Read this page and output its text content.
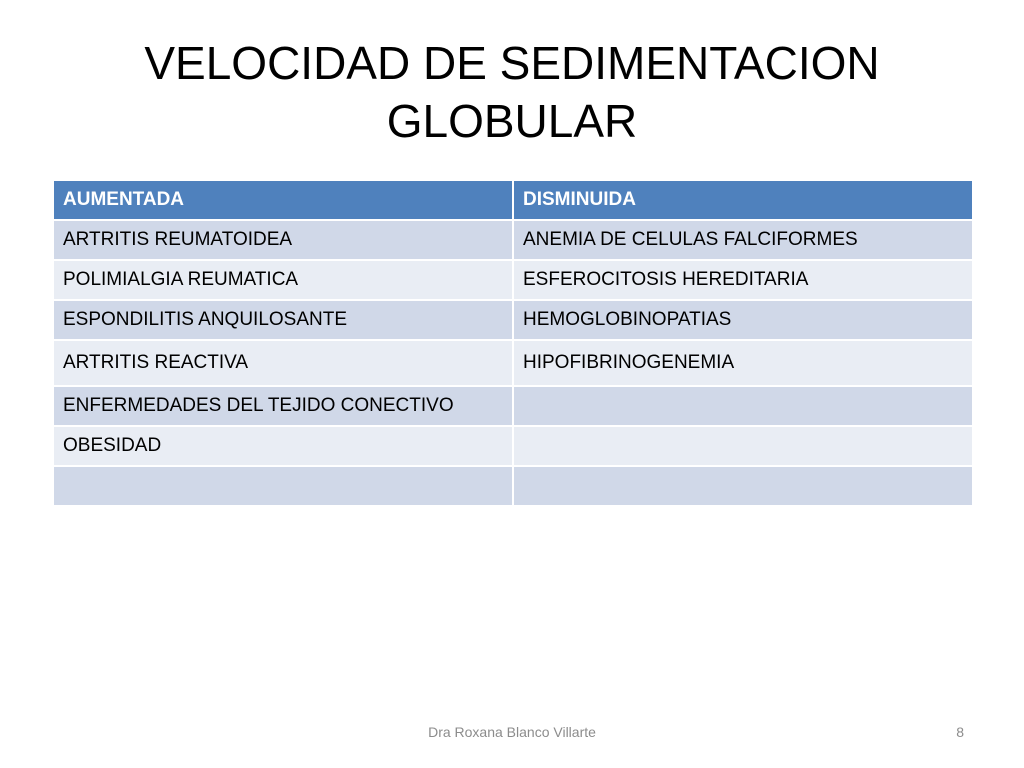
VELOCIDAD DE SEDIMENTACION
GLOBULAR
AUMENTADA	DISMINUIDA
ARTRITIS REUMATOIDEA	ANEMIA DE CELULAS FALCIFORMES
POLIMIALGIA REUMATICA	ESFEROCITOSIS HEREDITARIA
ESPONDILITIS ANQUILOSANTE	HEMOGLOBINOPATIAS
ARTRITIS REACTIVA	HIPOFIBRINOGENEMIA
ENFERMEDADES DEL TEJIDO CONECTIVO	
OBESIDAD	

Dra Roxana Blanco Villarte	8
